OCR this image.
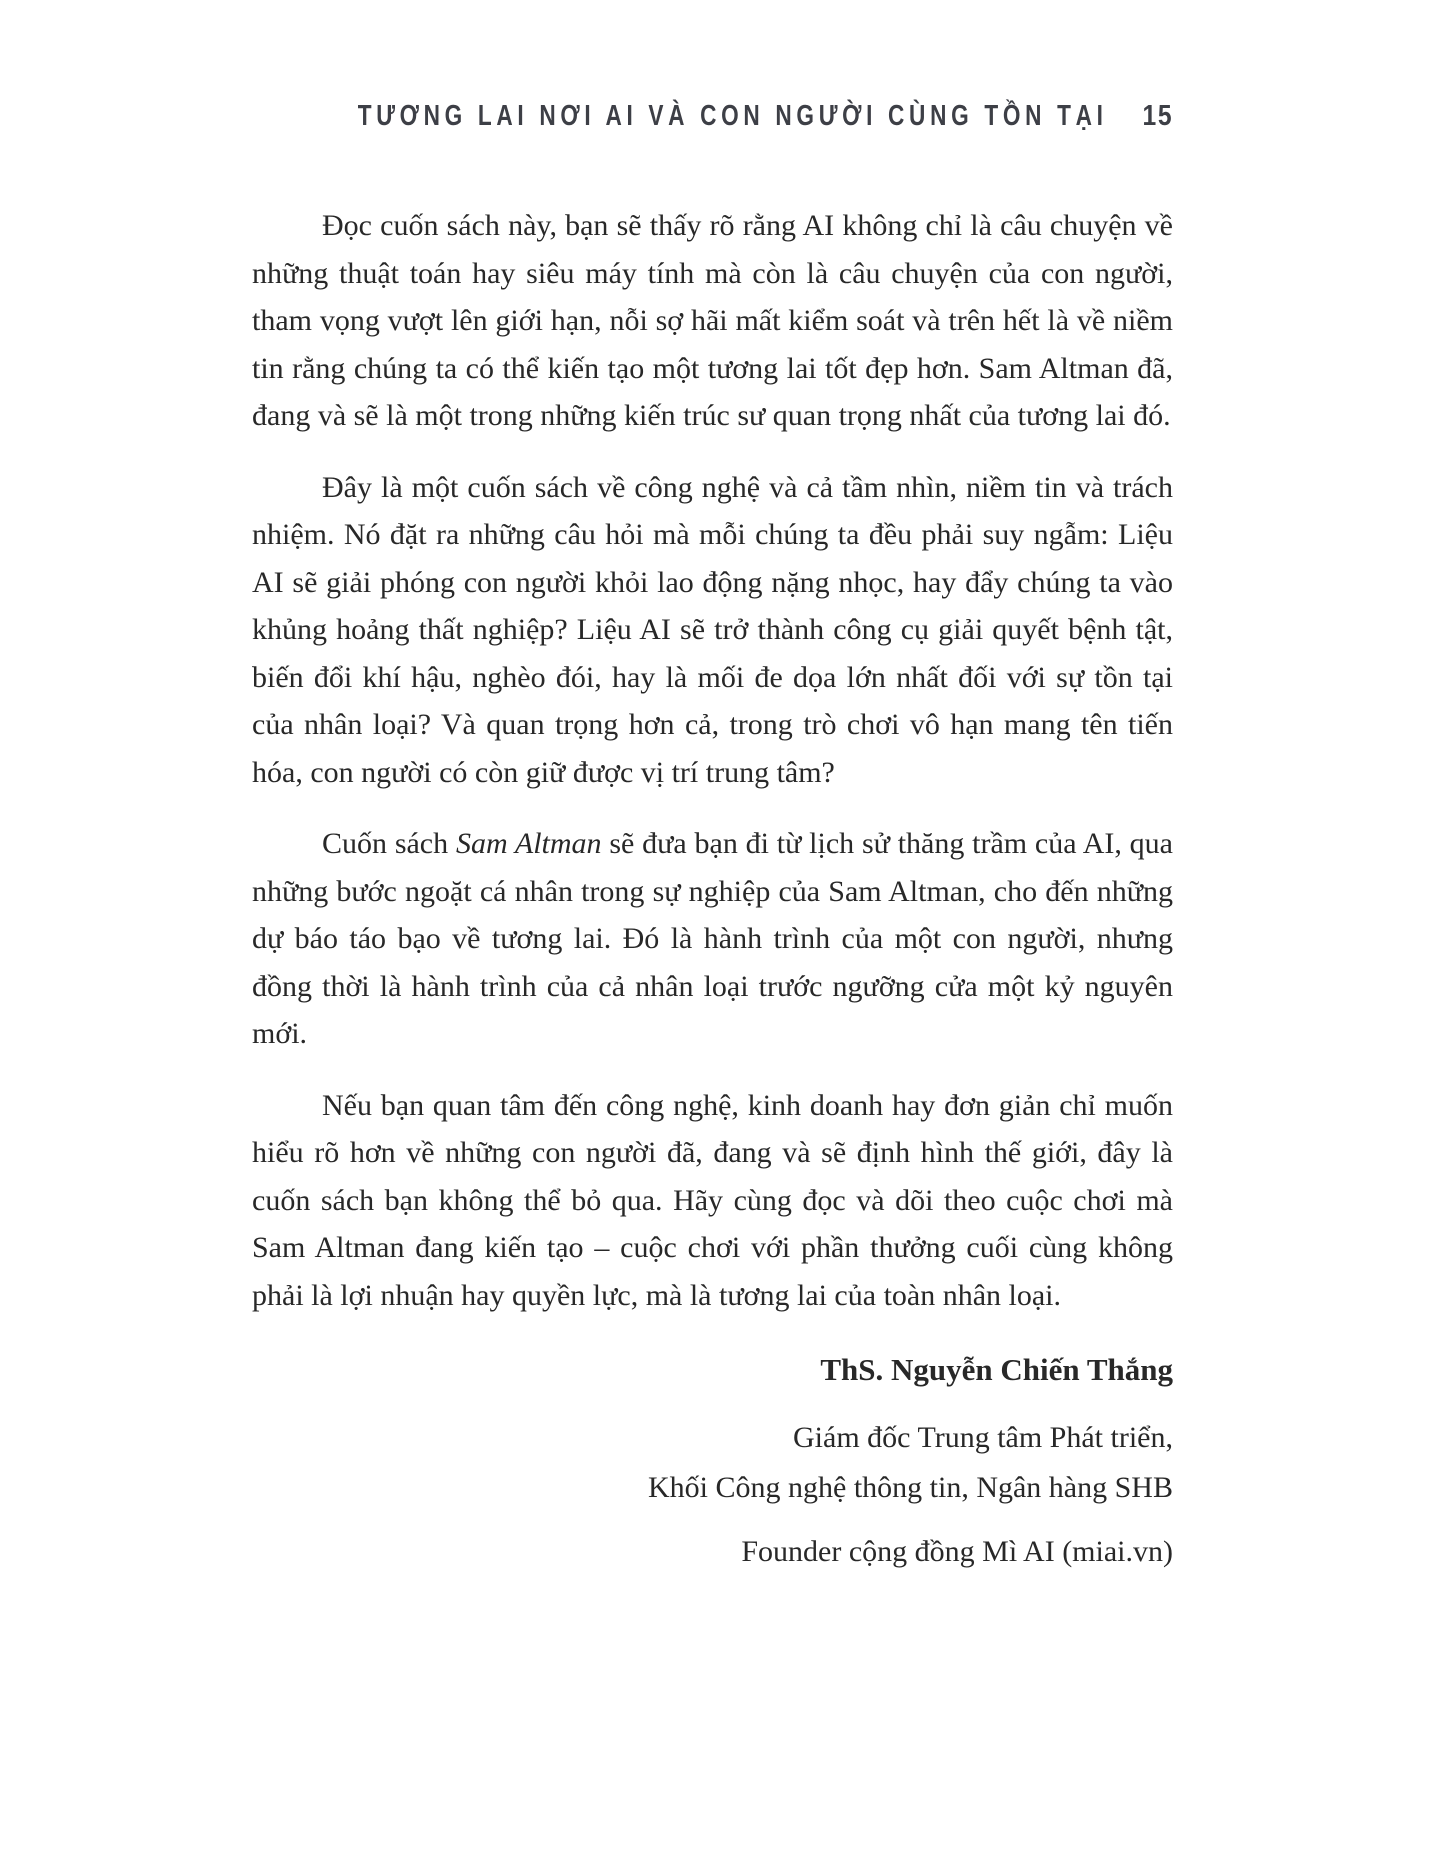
TƯƠNG LAI NƠI AI VÀ CON NGƯỜI CÙNG TỒN TẠI 15

Đọc cuốn sách này, bạn sẽ thấy rõ rằng AI không chỉ là câu chuyện về những thuật toán hay siêu máy tính mà còn là câu chuyện của con người, tham vọng vượt lên giới hạn, nỗi sợ hãi mất kiểm soát và trên hết là về niềm tin rằng chúng ta có thể kiến tạo một tương lai tốt đẹp hơn. Sam Altman đã, đang và sẽ là một trong những kiến trúc sư quan trọng nhất của tương lai đó.

Đây là một cuốn sách về công nghệ và cả tầm nhìn, niềm tin và trách nhiệm. Nó đặt ra những câu hỏi mà mỗi chúng ta đều phải suy ngẫm: Liệu AI sẽ giải phóng con người khỏi lao động nặng nhọc, hay đẩy chúng ta vào khủng hoảng thất nghiệp? Liệu AI sẽ trở thành công cụ giải quyết bệnh tật, biến đổi khí hậu, nghèo đói, hay là mối đe dọa lớn nhất đối với sự tồn tại của nhân loại? Và quan trọng hơn cả, trong trò chơi vô hạn mang tên tiến hóa, con người có còn giữ được vị trí trung tâm?

Cuốn sách Sam Altman sẽ đưa bạn đi từ lịch sử thăng trầm của AI, qua những bước ngoặt cá nhân trong sự nghiệp của Sam Altman, cho đến những dự báo táo bạo về tương lai. Đó là hành trình của một con người, nhưng đồng thời là hành trình của cả nhân loại trước ngưỡng cửa một kỷ nguyên mới.

Nếu bạn quan tâm đến công nghệ, kinh doanh hay đơn giản chỉ muốn hiểu rõ hơn về những con người đã, đang và sẽ định hình thế giới, đây là cuốn sách bạn không thể bỏ qua. Hãy cùng đọc và dõi theo cuộc chơi mà Sam Altman đang kiến tạo – cuộc chơi với phần thưởng cuối cùng không phải là lợi nhuận hay quyền lực, mà là tương lai của toàn nhân loại.

ThS. Nguyễn Chiến Thắng
Giám đốc Trung tâm Phát triển,
Khối Công nghệ thông tin, Ngân hàng SHB
Founder cộng đồng Mì AI (miai.vn)
